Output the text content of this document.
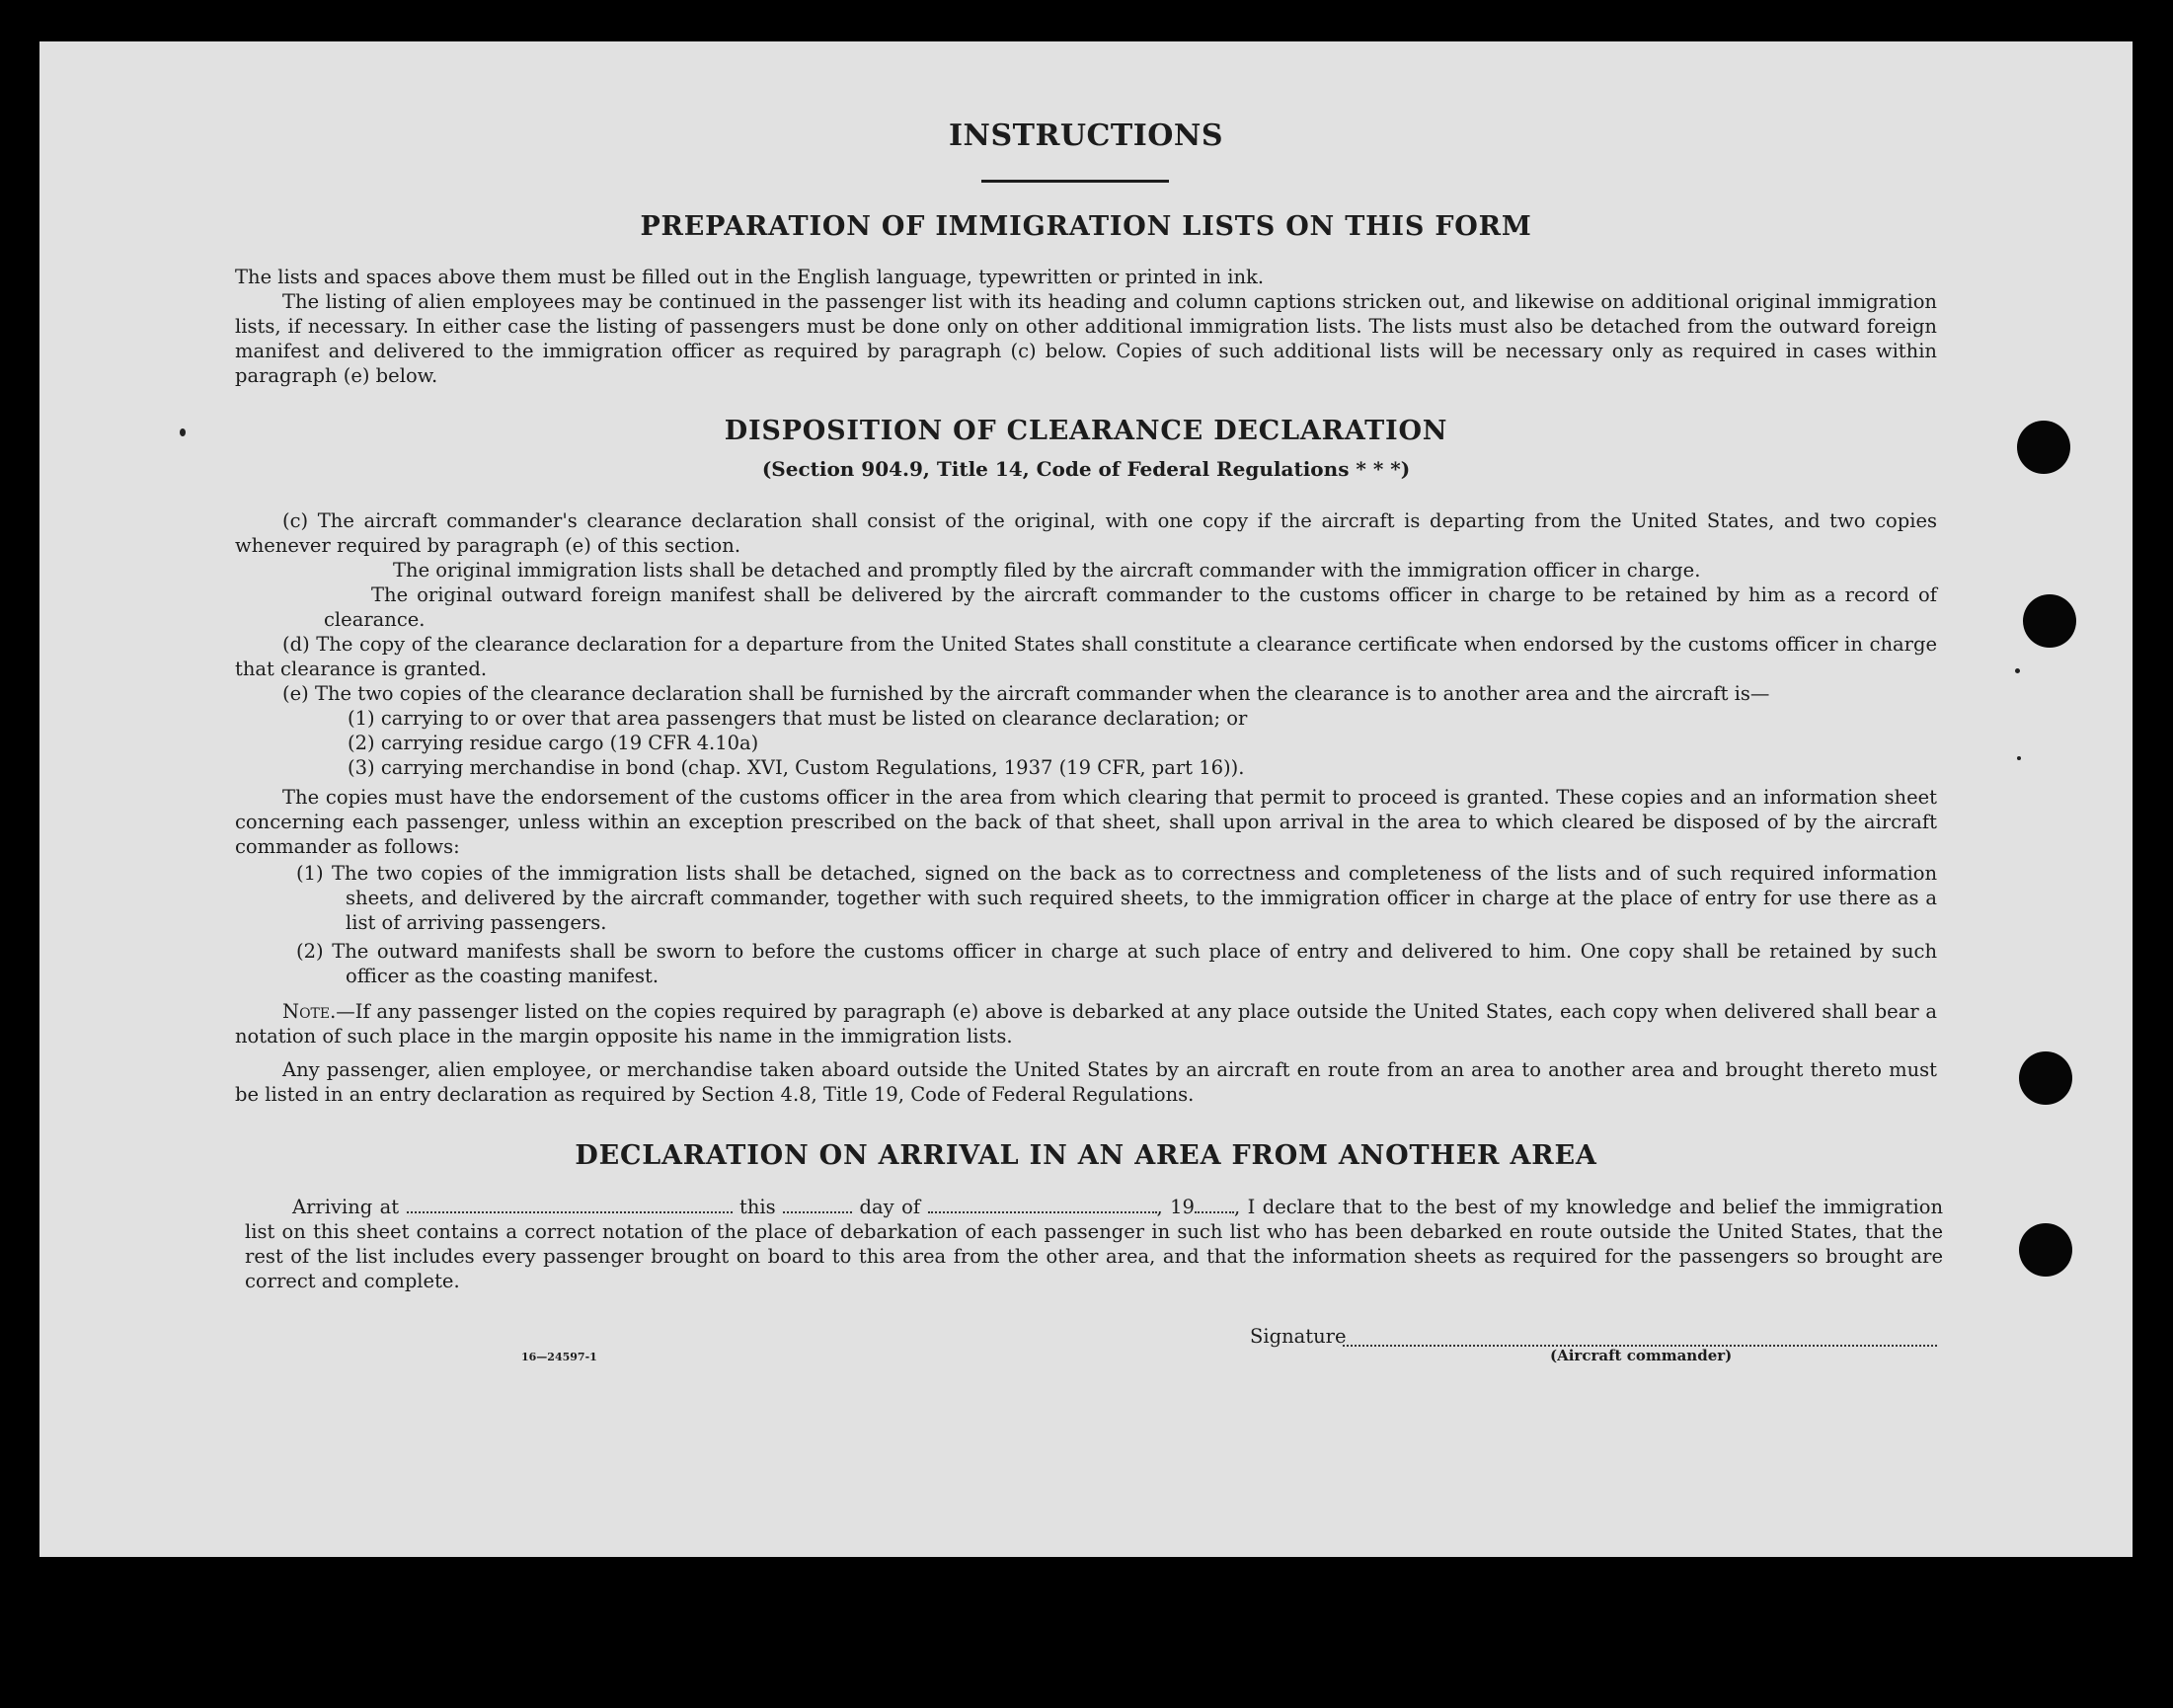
INSTRUCTIONS
PREPARATION OF IMMIGRATION LISTS ON THIS FORM

The lists and spaces above them must be filled out in the English language, typewritten or printed in ink.

The listing of alien employees may be continued in the passenger list with its heading and column captions stricken out, and likewise on additional original immigration lists, if necessary. In either case the listing of passengers must be done only on other additional immigration lists. The lists must also be detached from the outward foreign manifest and delivered to the immigration officer as required by paragraph (c) below. Copies of such additional lists will be necessary only as required in cases within paragraph (e) below.

DISPOSITION OF CLEARANCE DECLARATION
(Section 904.9, Title 14, Code of Federal Regulations * * *)

(c) The aircraft commander's clearance declaration shall consist of the original, with one copy if the aircraft is departing from the United States, and two copies whenever required by paragraph (e) of this section.

The original immigration lists shall be detached and promptly filed by the aircraft commander with the immigration officer in charge.

The original outward foreign manifest shall be delivered by the aircraft commander to the customs officer in charge to be retained by him as a record of clearance.

(d) The copy of the clearance declaration for a departure from the United States shall constitute a clearance certificate when endorsed by the customs officer in charge that clearance is granted.

(e) The two copies of the clearance declaration shall be furnished by the aircraft commander when the clearance is to another area and the aircraft is—

(1) carrying to or over that area passengers that must be listed on clearance declaration; or

(2) carrying residue cargo (19 CFR 4.10a)

(3) carrying merchandise in bond (chap. XVI, Custom Regulations, 1937 (19 CFR, part 16)).

The copies must have the endorsement of the customs officer in the area from which clearing that permit to proceed is granted. These copies and an information sheet concerning each passenger, unless within an exception prescribed on the back of that sheet, shall upon arrival in the area to which cleared be disposed of by the aircraft commander as follows:

(1) The two copies of the immigration lists shall be detached, signed on the back as to correctness and completeness of the lists and of such required information sheets, and delivered by the aircraft commander, together with such required sheets, to the immigration officer in charge at the place of entry for use there as a list of arriving passengers.

(2) The outward manifests shall be sworn to before the customs officer in charge at such place of entry and delivered to him. One copy shall be retained by such officer as the coasting manifest.

Note.—If any passenger listed on the copies required by paragraph (e) above is debarked at any place outside the United States, each copy when delivered shall bear a notation of such place in the margin opposite his name in the immigration lists.

Any passenger, alien employee, or merchandise taken aboard outside the United States by an aircraft en route from an area to another area and brought thereto must be listed in an entry declaration as required by Section 4.8, Title 19, Code of Federal Regulations.

DECLARATION ON ARRIVAL IN AN AREA FROM ANOTHER AREA

Arriving at	this	day of	, 19 , I declare that to the best of my knowledge and belief the immigration list on this sheet contains a correct notation of the place of debarkation of each passenger in such list who has been debarked en route outside the United States, that the rest of the list includes every passenger brought on board to this area from the other area, and that the information sheets as required for the passengers so brought are correct and complete.

16—24597-1
Signature
(Aircraft commander)
